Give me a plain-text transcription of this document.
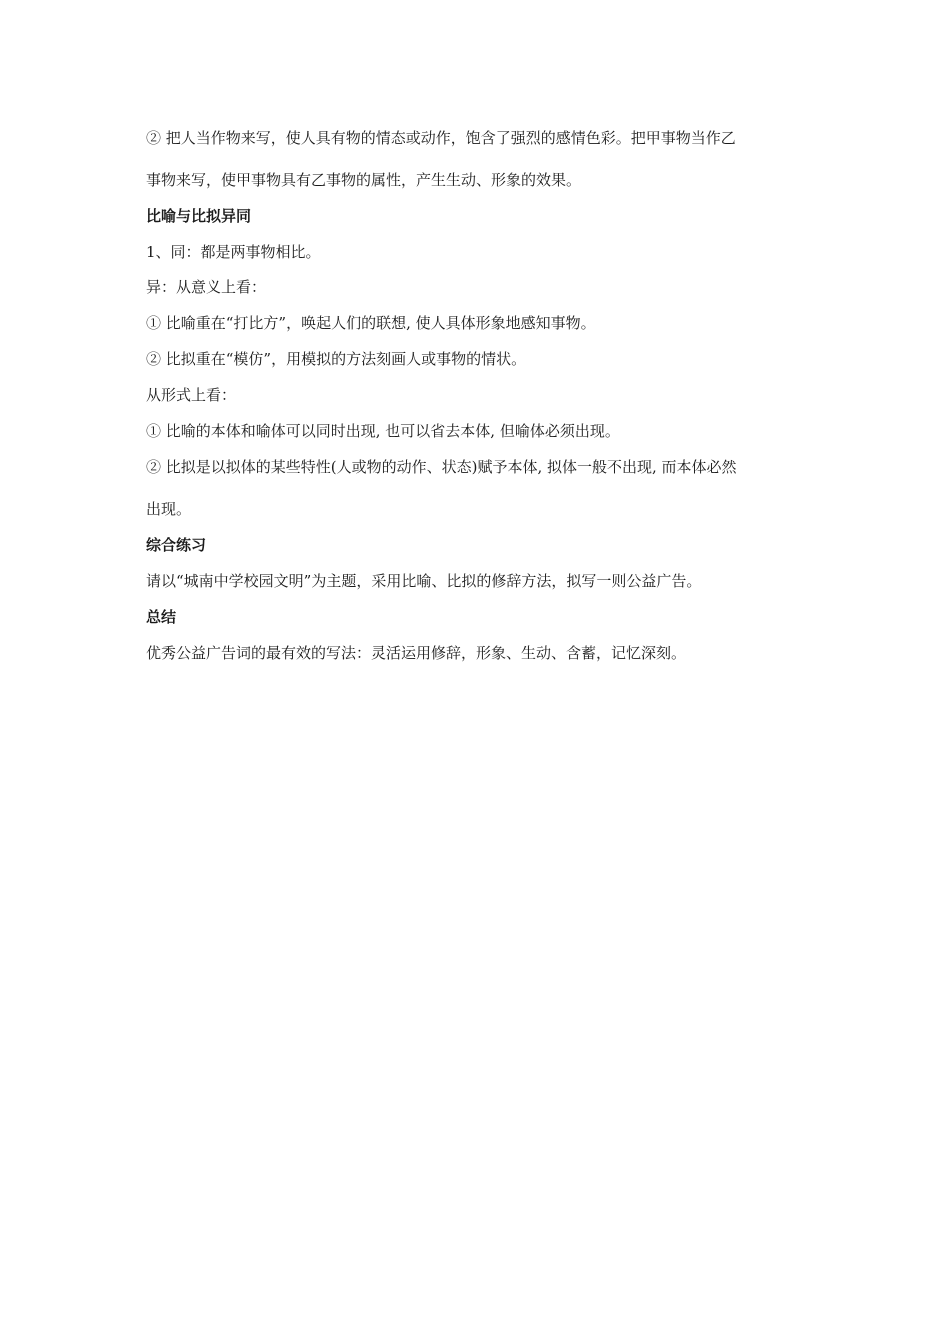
② 把人当作物来写，使人具有物的情态或动作，饱含了强烈的感情色彩。把甲事物当作乙

事物来写，使甲事物具有乙事物的属性，产生生动、形象的效果。

比喻与比拟异同

1、同：都是两事物相比。

异：从意义上看：

① 比喻重在“打比方”，唤起人们的联想, 使人具体形象地感知事物。

② 比拟重在“模仿”，用模拟的方法刻画人或事物的情状。

从形式上看：

① 比喻的本体和喻体可以同时出现, 也可以省去本体, 但喻体必须出现。

② 比拟是以拟体的某些特性(人或物的动作、状态)赋予本体, 拟体一般不出现, 而本体必然

出现。

综合练习

请以“城南中学校园文明”为主题，采用比喻、比拟的修辞方法，拟写一则公益广告。

总结

优秀公益广告词的最有效的写法：灵活运用修辞，形象、生动、含蓄，记忆深刻。
